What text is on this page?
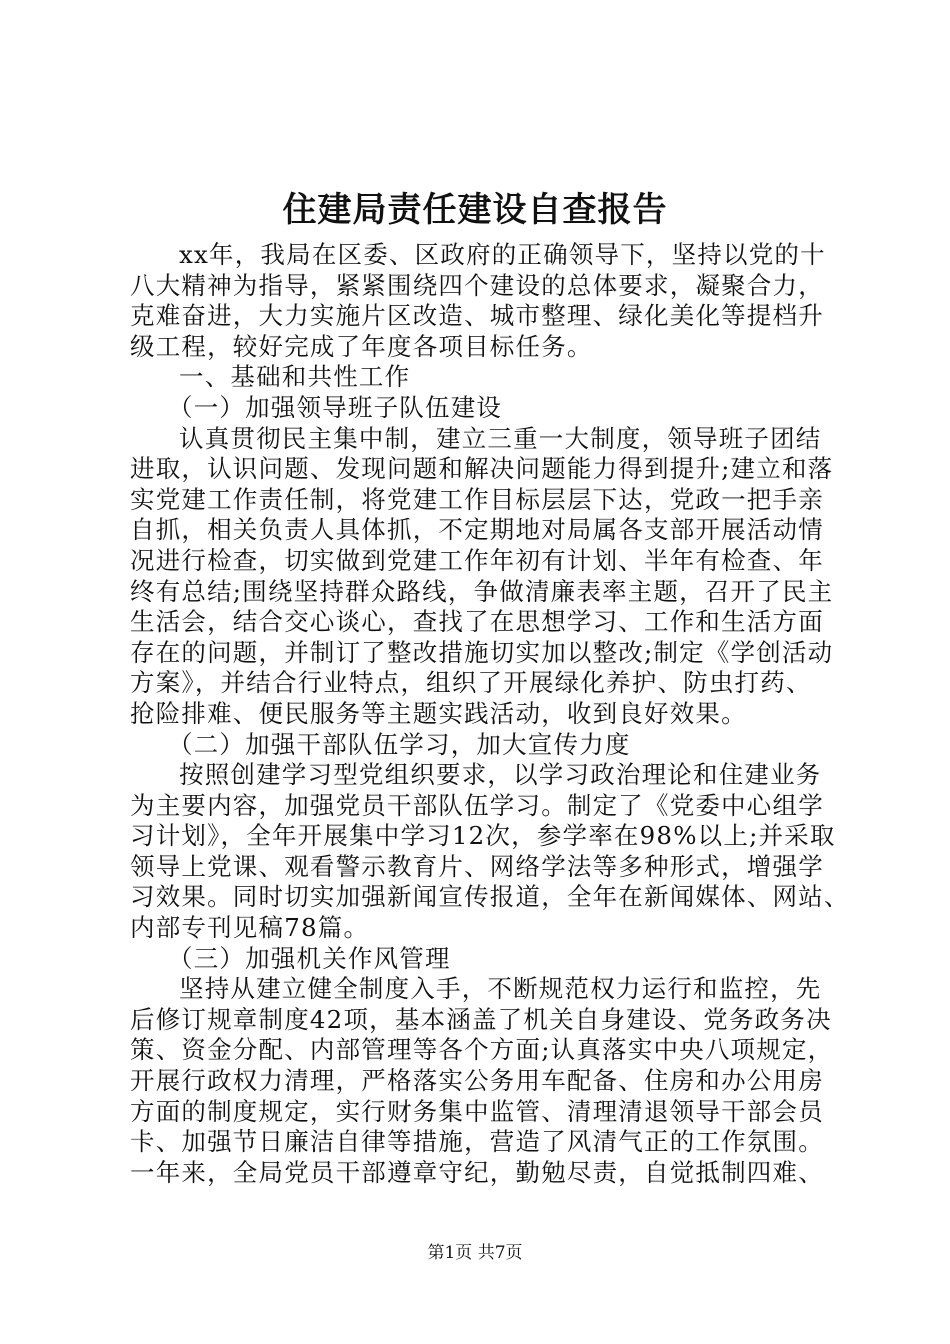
住建局责任建设自查报告
xx年，我局在区委、区政府的正确领导下，坚持以党的十
八大精神为指导，紧紧围绕四个建设的总体要求，凝聚合力，
克难奋进，大力实施片区改造、城市整理、绿化美化等提档升
级工程，较好完成了年度各项目标任务。
一、基础和共性工作
（一）加强领导班子队伍建设
认真贯彻民主集中制，建立三重一大制度，领导班子团结
进取，认识问题、发现问题和解决问题能力得到提升;建立和落
实党建工作责任制，将党建工作目标层层下达，党政一把手亲
自抓，相关负责人具体抓，不定期地对局属各支部开展活动情
况进行检查，切实做到党建工作年初有计划、半年有检查、年
终有总结;围绕坚持群众路线，争做清廉表率主题，召开了民主
生活会，结合交心谈心，查找了在思想学习、工作和生活方面
存在的问题，并制订了整改措施切实加以整改;制定《学创活动
方案》，并结合行业特点，组织了开展绿化养护、防虫打药、
抢险排难、便民服务等主题实践活动，收到良好效果。
（二）加强干部队伍学习，加大宣传力度
按照创建学习型党组织要求，以学习政治理论和住建业务
为主要内容，加强党员干部队伍学习。制定了《党委中心组学
习计划》，全年开展集中学习12次，参学率在98%以上;并采取
领导上党课、观看警示教育片、网络学法等多种形式，增强学
习效果。同时切实加强新闻宣传报道，全年在新闻媒体、网站、
内部专刊见稿78篇。
（三）加强机关作风管理
坚持从建立健全制度入手，不断规范权力运行和监控，先
后修订规章制度42项，基本涵盖了机关自身建设、党务政务决
策、资金分配、内部管理等各个方面;认真落实中央八项规定，
开展行政权力清理，严格落实公务用车配备、住房和办公用房
方面的制度规定，实行财务集中监管、清理清退领导干部会员
卡、加强节日廉洁自律等措施，营造了风清气正的工作氛围。
一年来，全局党员干部遵章守纪，勤勉尽责，自觉抵制四难、
第1页 共7页
